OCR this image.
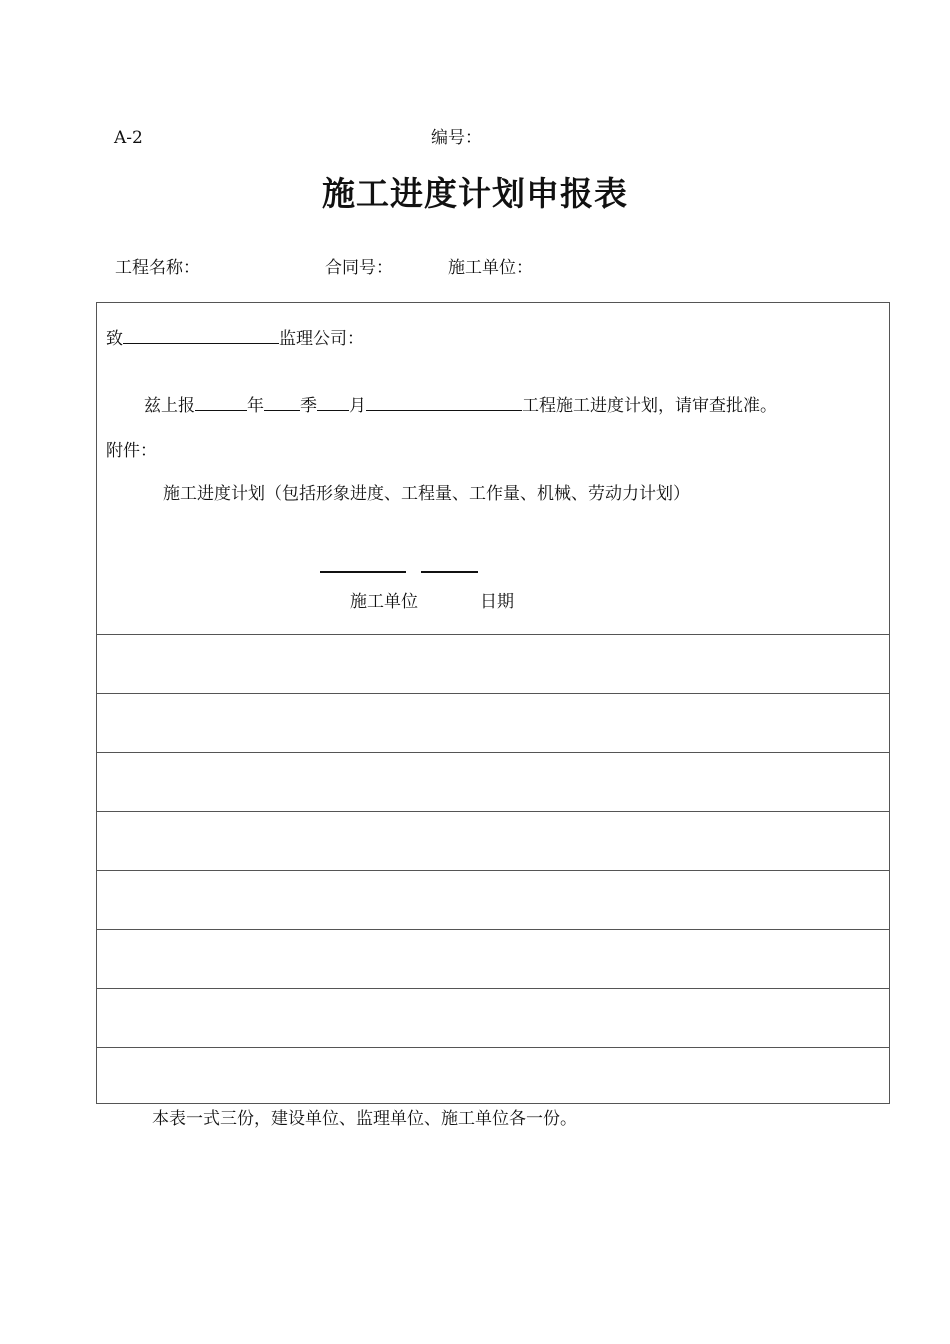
A-2	编号：
施工进度计划申报表
工程名称：	合同号：	施工单位：
致	监理公司：
兹上报	年 季 月	工程施工进度计划，请审查批准。
附件：
施工进度计划（包括形象进度、工程量、工作量、机械、劳动力计划）
施工单位	日期
本表一式三份，建设单位、监理单位、施工单位各一份。
